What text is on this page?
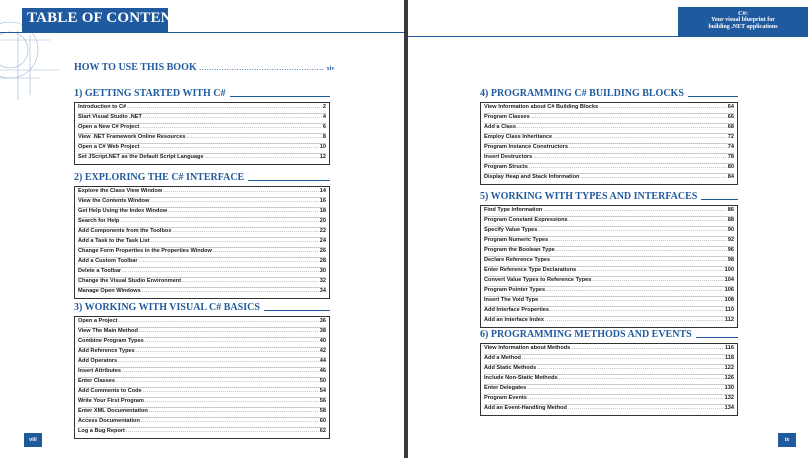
TABLE OF CONTENTS
HOW TO USE THIS BOOK .................................................. xiv
1) GETTING STARTED WITH C#
Introduction to C# .....	2
Start Visual Studio .NET .....	4
Open a New C# Project .....	6
View .NET Framework Online Resources .....	8
Open a C# Web Project .....	10
Set JScript.NET as the Default Script Language .....	12
2) EXPLORING THE C# INTERFACE
Explore the Class View Window .....	14
View the Contents Window .....	16
Get Help Using the Index Window .....	18
Search for Help .....	20
Add Components from the Toolbox .....	22
Add a Task to the Task List .....	24
Change Form Properties in the Properties Window .....	26
Add a Custom Toolbar .....	28
Delete a Toolbar .....	30
Change the Visual Studio Environment .....	32
Manage Open Windows .....	34
3) WORKING WITH VISUAL C# BASICS
Open a Project .....	36
View The Main Method .....	38
Combine Program Types .....	40
Add Reference Types .....	42
Add Operators .....	44
Insert Attributes .....	46
Enter Classes .....	50
Add Comments to Code .....	54
Write Your First Program .....	56
Enter XML Documentation .....	58
Access Documentation .....	60
Log a Bug Report .....	62
viii
C#:
Your visual blueprint for
building .NET applications
4) PROGRAMMING C# BUILDING BLOCKS
View Information about C# Building Blocks .....	64
Program Classes .....	66
Add a Class .....	68
Employ Class Inheritance .....	72
Program Instance Constructors .....	74
Insert Destructors .....	78
Program Structs .....	80
Display Heap and Stack Information .....	84
5) WORKING WITH TYPES AND INTERFACES
Find Type Information .....	86
Program Constant Expressions .....	88
Specify Value Types .....	90
Program Numeric Types .....	92
Program the Boolean Type .....	96
Declare Reference Types .....	98
Enter Reference Type Declarations .....	100
Convert Value Types to Reference Types .....	104
Program Pointer Types .....	106
Insert The Void Type .....	108
Add Interface Properties .....	110
Add an Interface Index .....	112
6) PROGRAMMING METHODS AND EVENTS
View Information about Methods .....	116
Add a Method .....	118
Add Static Methods .....	122
Include Non-Static Methods .....	126
Enter Delegates .....	130
Program Events .....	132
Add an Event-Handling Method .....	134
ix
